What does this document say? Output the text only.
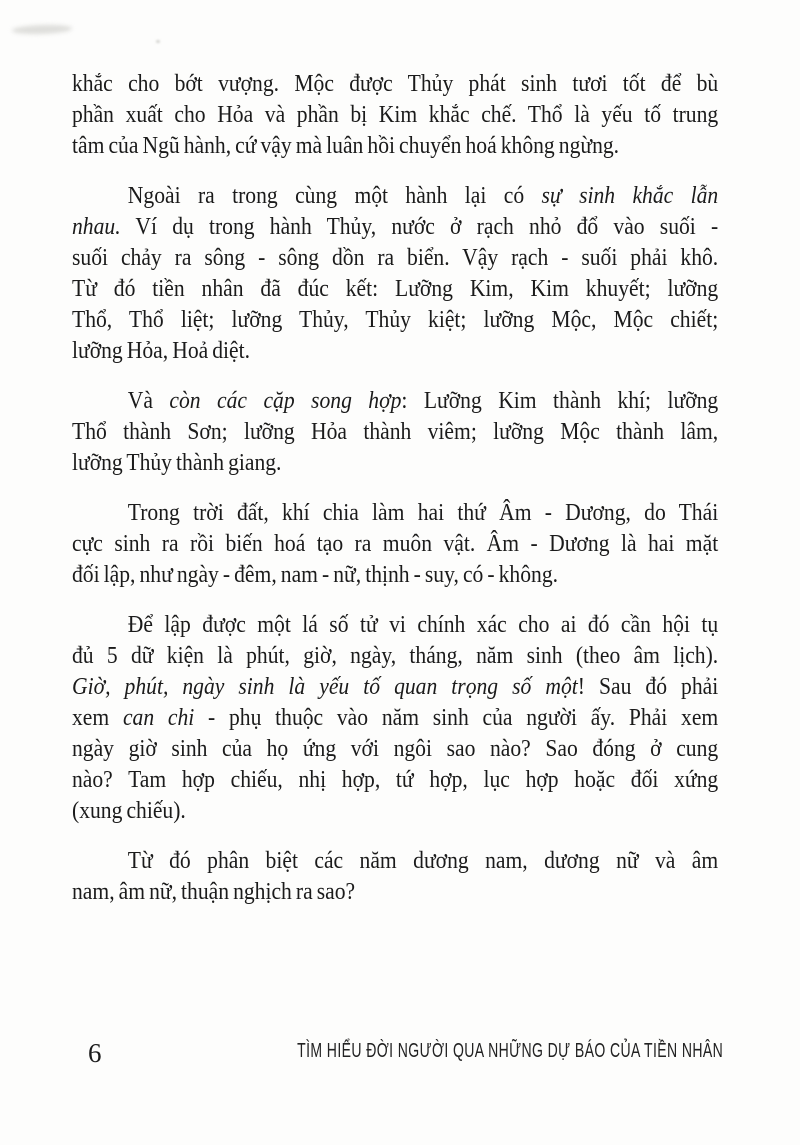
khắc cho bớt vượng. Mộc được Thủy phát sinh tươi tốt để bù
phần xuất cho Hỏa và phần bị Kim khắc chế. Thổ là yếu tố trung
tâm của Ngũ hành, cứ vậy mà luân hồi chuyển hoá không ngừng.
Ngoài ra trong cùng một hành lại có sự sinh khắc lẫn
nhau. Ví dụ trong hành Thủy, nước ở rạch nhỏ đổ vào suối -
suối chảy ra sông - sông dồn ra biển. Vậy rạch - suối phải khô.
Từ đó tiền nhân đã đúc kết: Lưỡng Kim, Kim khuyết; lưỡng
Thổ, Thổ liệt; lưỡng Thủy, Thủy kiệt; lưỡng Mộc, Mộc chiết;
lưỡng Hỏa, Hoả diệt.
Và còn các cặp song hợp: Lưỡng Kim thành khí; lưỡng
Thổ thành Sơn; lưỡng Hỏa thành viêm; lưỡng Mộc thành lâm,
lưỡng Thủy thành giang.
Trong trời đất, khí chia làm hai thứ Âm - Dương, do Thái
cực sinh ra rồi biến hoá tạo ra muôn vật. Âm - Dương là hai mặt
đối lập, như ngày - đêm, nam - nữ, thịnh - suy, có - không.
Để lập được một lá số tử vi chính xác cho ai đó cần hội tụ
đủ 5 dữ kiện là phút, giờ, ngày, tháng, năm sinh (theo âm lịch).
Giờ, phút, ngày sinh là yếu tố quan trọng số một! Sau đó phải
xem can chi - phụ thuộc vào năm sinh của người ấy. Phải xem
ngày giờ sinh của họ ứng với ngôi sao nào? Sao đóng ở cung
nào? Tam hợp chiếu, nhị hợp, tứ hợp, lục hợp hoặc đối xứng
(xung chiếu).
Từ đó phân biệt các năm dương nam, dương nữ và âm
nam, âm nữ, thuận nghịch ra sao?
6	TÌM HIỂU ĐỜI NGƯỜI QUA NHỮNG DỰ BÁO CỦA TIỀN NHÂN
